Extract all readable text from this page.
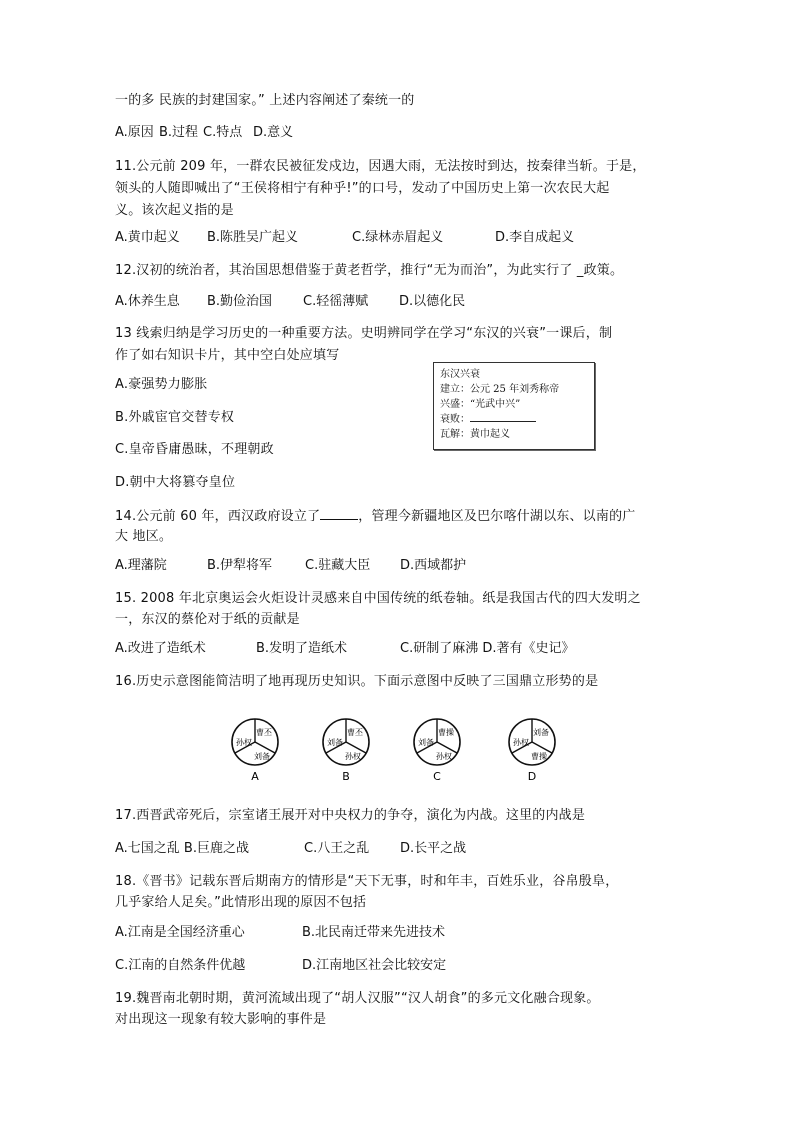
一的多 民族的封建国家。” 上述内容阐述了秦统一的
A.原因 B.过程 C.特点 D.意义
11.公元前 209 年，一群农民被征发戍边，因遇大雨，无法按时到达，按秦律当斩。于是，
领头的人随即喊出了“王侯将相宁有种乎!”的口号，发动了中国历史上第一次农民大起
义。该次起义指的是
A.黄巾起义 B.陈胜吴广起义	C.绿林赤眉起义	D.李自成起义
12.汉初的统治者，其治国思想借鉴于黄老哲学，推行“无为而治”，为此实行了 _政策。
A.休养生息 B.勤俭治国 C.轻徭薄赋 D.以德化民
13 线索归纳是学习历史的一种重要方法。史明辨同学在学习“东汉的兴衰”一课后，制
作了如右知识卡片，其中空白处应填写
A.豪强势力膨胀
B.外戚宦官交替专权
C.皇帝昏庸愚昧，不理朝政
D.朝中大将篡夺皇位
东汉兴衰
建立：公元 25 年刘秀称帝
兴盛：“光武中兴”
衰败：
瓦解：黄巾起义
14.公元前 60 年，西汉政府设立了	，管理今新疆地区及巴尔喀什湖以东、以南的广
大 地区。
A.理藩院	B.伊犁将军	C.驻藏大臣 D.西域都护
15. 2008 年北京奥运会火炬设计灵感来自中国传统的纸卷轴。纸是我国古代的四大发明之
一，东汉的蔡伦对于纸的贡献是
A.改进了造纸术	B.发明了造纸术	C.研制了麻沸 D.著有《史记》
16.历史示意图能简洁明了地再现历史知识。下面示意图中反映了三国鼎立形势的是
曹丕
孙权
刘备
A
曹丕
刘备
孙权
B
曹操
刘备
孙权
C
刘备
孙权
曹操
D
17.西晋武帝死后，宗室诸王展开对中央权力的争夺，演化为内战。这里的内战是
A.七国之乱 B.巨鹿之战	C.八王之乱 D.长平之战
18.《晋书》记载东晋后期南方的情形是“天下无事，时和年丰，百姓乐业，谷帛殷阜，
几乎家给人足矣。”此情形出现的原因不包括
A.江南是全国经济重心	B.北民南迁带来先进技术
C.江南的自然条件优越	D.江南地区社会比较安定
19.魏晋南北朝时期，黄河流域出现了“胡人汉服”“汉人胡食”的多元文化融合现象。
对出现这一现象有较大影响的事件是
